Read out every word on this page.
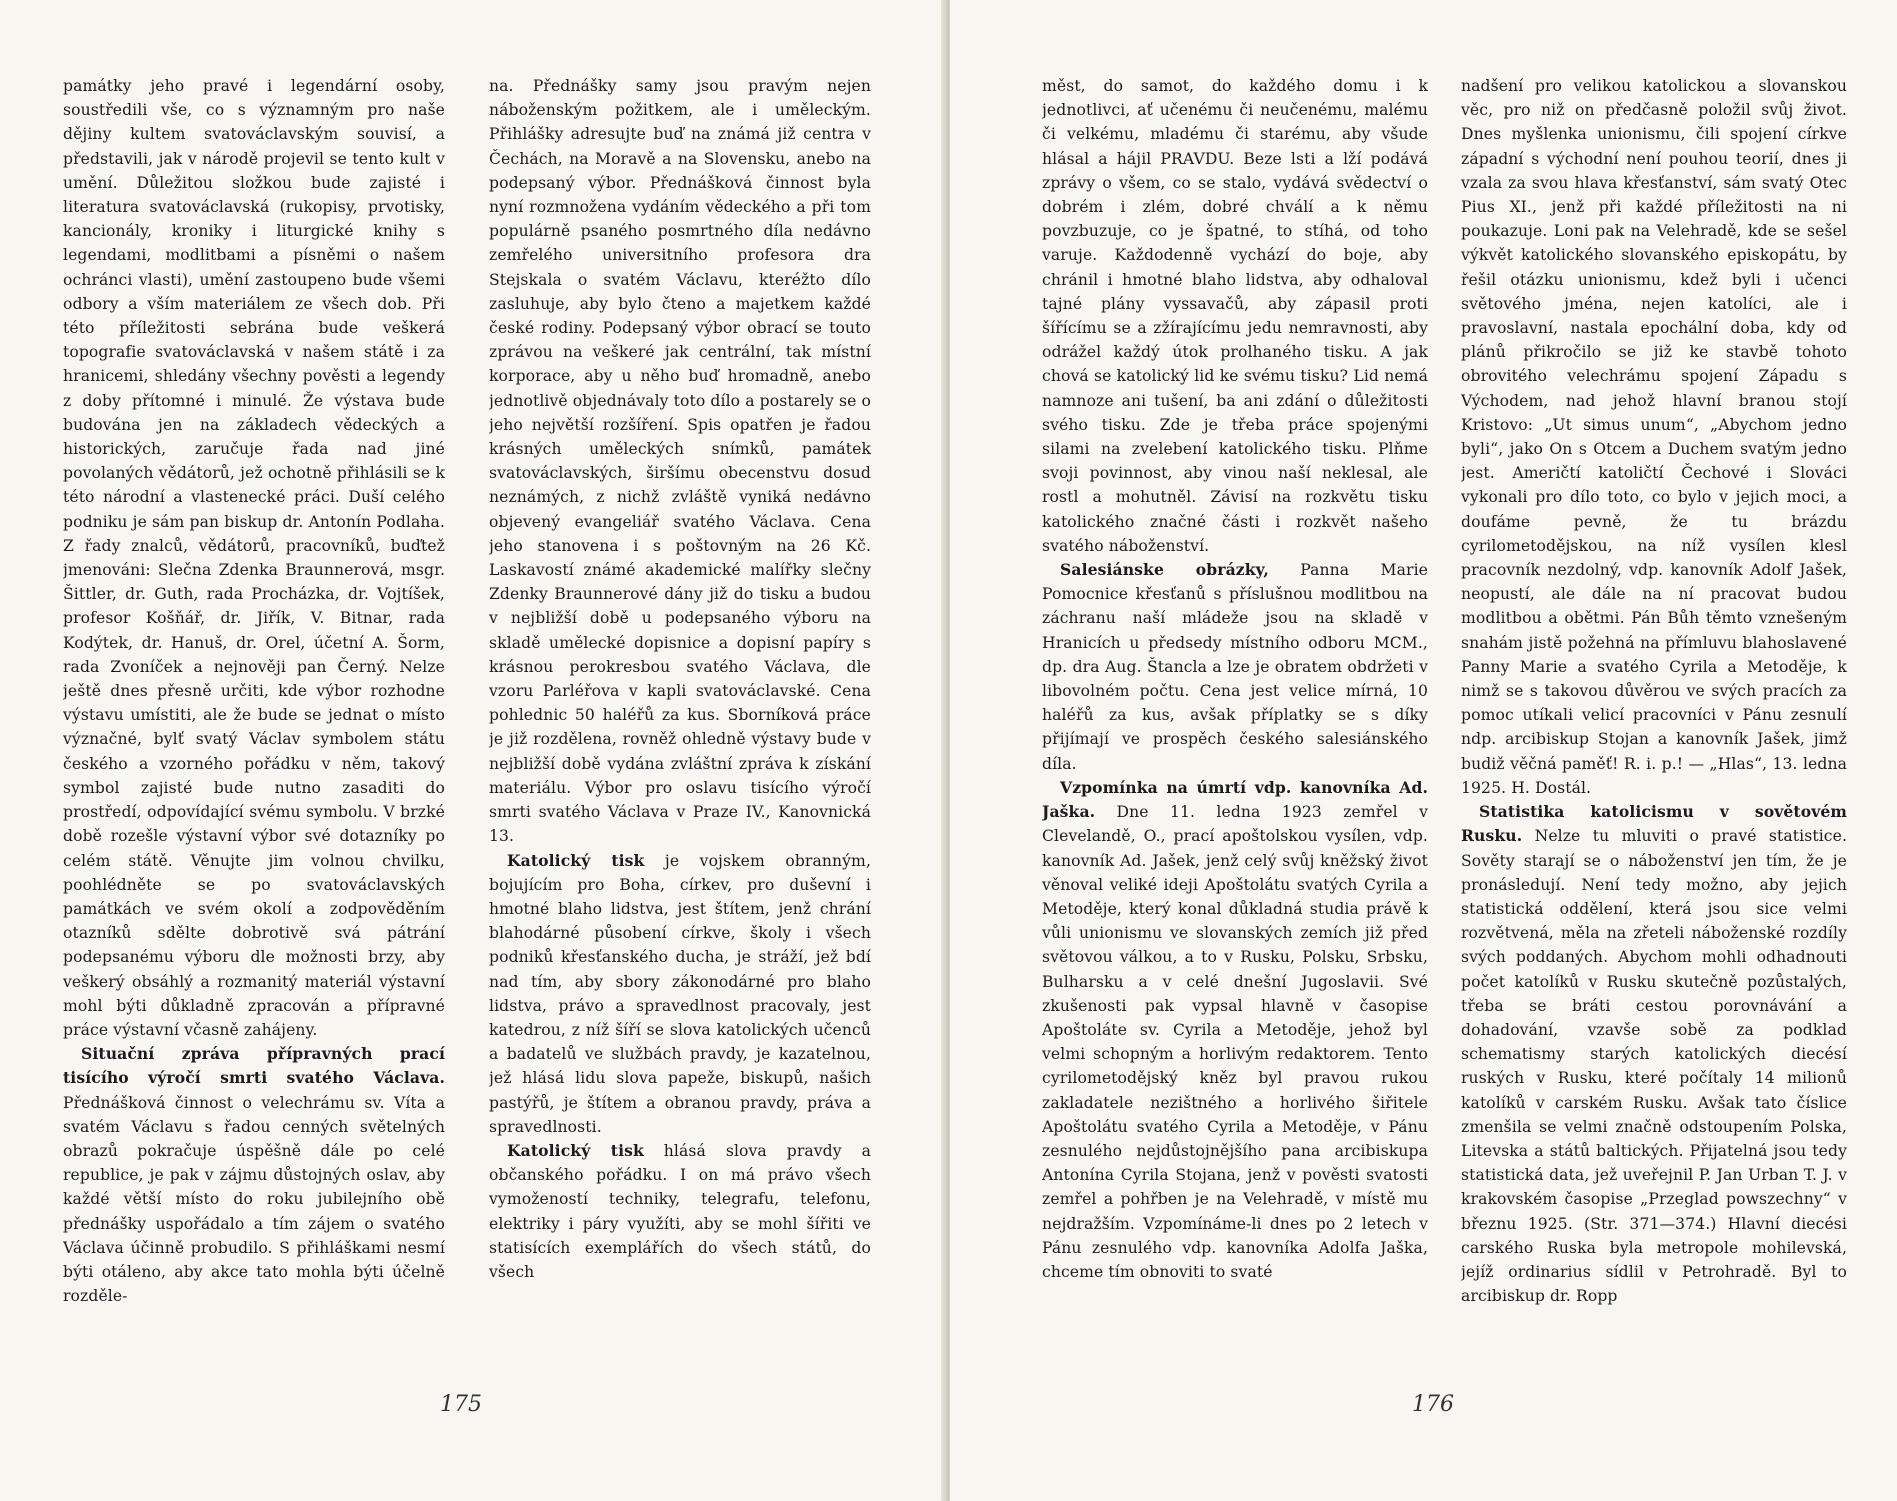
památky jeho pravé i legendární osoby, soustředili vše, co s významným pro naše dějiny kultem svatováclavským souvisí, a představili, jak v národě projevil se tento kult v umění. Důležitou složkou bude zajisté i literatura svatováclavská (rukopisy, prvotisky, kancionály, kroniky i liturgické knihy s legendami, modlitbami a písněmi o našem ochránci vlasti), umění zastoupeno bude všemi odbory a vším materiálem ze všech dob. Při této příležitosti sebrána bude veškerá topografie svatováclavská v našem státě i za hranicemi, shledány všechny pověsti a legendy z doby přítomné i minulé. Že výstava bude budována jen na základech vědeckých a historických, zaručuje řada nad jiné povolaných vědátorů, jež ochotně přihlásili se k této národní a vlastenecké práci. Duší celého podniku je sám pan biskup dr. Antonín Podlaha. Z řady znalců, vědátorů, pracovníků, buďtež jmenováni: Slečna Zdenka Braunnerová, msgr. Šittler, dr. Guth, rada Procházka, dr. Vojtíšek, profesor Košňář, dr. Jiřík, V. Bitnar, rada Kodýtek, dr. Hanuš, dr. Orel, účetní A. Šorm, rada Zvoníček a nejnověji pan Černý. Nelze ještě dnes přesně určiti, kde výbor rozhodne výstavu umístiti, ale že bude se jednat o místo význačné, bylť svatý Václav symbolem státu českého a vzorného pořádku v něm, takový symbol zajisté bude nutno zasaditi do prostředí, odpovídající svému symbolu. V brzké době rozešle výstavní výbor své dotazníky po celém státě. Věnujte jim volnou chvilku, poohlédněte se po svatováclavských památkách ve svém okolí a zodpověděním otazníků sdělte dobrotivě svá pátrání podepsanému výboru dle možnosti brzy, aby veškerý obsáhlý a rozmanitý materiál výstavní mohl býti důkladně zpracován a přípravné práce výstavní včasně zahájeny.

Situační zpráva přípravných prací tisícího výročí smrti svatého Václava. Přednášková činnost o velechrámu sv. Víta a svatém Václavu s řadou cenných světelných obrazů pokračuje úspěšně dále po celé republice, je pak v zájmu důstojných oslav, aby každé větší místo do roku jubilejního obě přednášky uspořádalo a tím zájem o svatého Václava účinně probudilo. S přihláškami nesmí býti otáleno, aby akce tato mohla býti účelně rozděle-

na. Přednášky samy jsou pravým nejen náboženským požitkem, ale i uměleckým. Přihlášky adresujte buď na známá již centra v Čechách, na Moravě a na Slovensku, anebo na podepsaný výbor. Přednášková činnost byla nyní rozmnožena vydáním vědeckého a při tom populárně psaného posmrtného díla nedávno zemřelého universitního profesora dra Stejskala o svatém Václavu, kteréžto dílo zasluhuje, aby bylo čteno a majetkem každé české rodiny. Podepsaný výbor obrací se touto zprávou na veškeré jak centrální, tak místní korporace, aby u něho buď hromadně, anebo jednotlivě objednávaly toto dílo a postarely se o jeho největší rozšíření. Spis opatřen je řadou krásných uměleckých snímků, památek svatováclavských, širšímu obecenstvu dosud neznámých, z nichž zvláště vyniká nedávno objevený evangeliář svatého Václava. Cena jeho stanovena i s poštovným na 26 Kč. Laskavostí známé akademické malířky slečny Zdenky Braunnerové dány již do tisku a budou v nejbližší době u podepsaného výboru na skladě umělecké dopisnice a dopisní papíry s krásnou perokresbou svatého Václava, dle vzoru Parléřova v kapli svatováclavské. Cena pohlednic 50 haléřů za kus. Sborníková práce je již rozdělena, rovněž ohledně výstavy bude v nejbližší době vydána zvláštní zpráva k získání materiálu. Výbor pro oslavu tisícího výročí smrti svatého Václava v Praze IV., Kanovnická 13.

Katolický tisk je vojskem obranným, bojujícím pro Boha, církev, pro duševní i hmotné blaho lidstva, jest štítem, jenž chrání blahodárné působení církve, školy i všech podniků křesťanského ducha, je stráží, jež bdí nad tím, aby sbory zákonodárné pro blaho lidstva, právo a spravedlnost pracovaly, jest katedrou, z níž šíří se slova katolických učenců a badatelů ve službách pravdy, je kazatelnou, jež hlásá lidu slova papeže, biskupů, našich pastýřů, je štítem a obranou pravdy, práva a spravedlnosti.

Katolický tisk hlásá slova pravdy a občanského pořádku. I on má právo všech vymožeností techniky, telegrafu, telefonu, elektriky i páry využíti, aby se mohl šířiti ve statisících exemplářích do všech států, do všech

175

měst, do samot, do každého domu i k jednotlivci, ať učenému či neučenému, malému či velkému, mladému či starému, aby všude hlásal a hájil PRAVDU. Beze lsti a lží podává zprávy o všem, co se stalo, vydává svědectví o dobrém i zlém, dobré chválí a k němu povzbuzuje, co je špatné, to stíhá, od toho varuje. Každodenně vychází do boje, aby chránil i hmotné blaho lidstva, aby odhaloval tajné plány vyssavačů, aby zápasil proti šířícímu se a zžírajícímu jedu nemravnosti, aby odrážel každý útok prolhaného tisku. A jak chová se katolický lid ke svému tisku? Lid nemá namnoze ani tušení, ba ani zdání o důležitosti svého tisku. Zde je třeba práce spojenými silami na zvelebení katolického tisku. Plňme svoji povinnost, aby vinou naší neklesal, ale rostl a mohutněl. Závisí na rozkvětu tisku katolického značné části i rozkvět našeho svatého náboženství.

Salesiánske obrázky, Panna Marie Pomocnice křesťanů s příslušnou modlitbou na záchranu naší mládeže jsou na skladě v Hranicích u předsedy místního odboru MCM., dp. dra Aug. Štancla a lze je obratem obdržeti v libovolném počtu. Cena jest velice mírná, 10 haléřů za kus, avšak příplatky se s díky přijímají ve prospěch českého salesiánského díla.

Vzpomínka na úmrtí vdp. kanovníka Ad. Jaška. Dne 11. ledna 1923 zemřel v Clevelandě, O., prací apoštolskou vysílen, vdp. kanovník Ad. Jašek, jenž celý svůj kněžský život věnoval veliké ideji Apoštolátu svatých Cyrila a Metoděje, který konal důkladná studia právě k vůli unionismu ve slovanských zemích již před světovou válkou, a to v Rusku, Polsku, Srbsku, Bulharsku a v celé dnešní Jugoslavii. Své zkušenosti pak vypsal hlavně v časopise Apoštoláte sv. Cyrila a Metoděje, jehož byl velmi schopným a horlivým redaktorem. Tento cyrilometodějský kněz byl pravou rukou zakladatele nezištného a horlivého šiřitele Apoštolátu svatého Cyrila a Metoděje, v Pánu zesnulého nejdůstojnějšího pana arcibiskupa Antonína Cyrila Stojana, jenž v pověsti svatosti zemřel a pohřben je na Velehradě, v místě mu nejdražším. Vzpomínáme-li dnes po 2 letech v Pánu zesnulého vdp. kanovníka Adolfa Jaška, chceme tím obnoviti to svaté

nadšení pro velikou katolickou a slovanskou věc, pro niž on předčasně položil svůj život. Dnes myšlenka unionismu, čili spojení církve západní s východní není pouhou teorií, dnes ji vzala za svou hlava křesťanství, sám svatý Otec Pius XI., jenž při každé příležitosti na ni poukazuje. Loni pak na Velehradě, kde se sešel výkvět katolického slovanského episkopátu, by řešil otázku unionismu, kdež byli i učenci světového jména, nejen katolíci, ale i pravoslavní, nastala epochální doba, kdy od plánů přikročilo se již ke stavbě tohoto obrovitého velechrámu spojení Západu s Východem, nad jehož hlavní branou stojí Kristovo: „Ut simus unum“, „Abychom jedno byli“, jako On s Otcem a Duchem svatým jedno jest. Američtí katoličtí Čechové i Slováci vykonali pro dílo toto, co bylo v jejich moci, a doufáme pevně, že tu brázdu cyrilometodějskou, na níž vysílen klesl pracovník nezdolný, vdp. kanovník Adolf Jašek, neopustí, ale dále na ní pracovat budou modlitbou a obětmi. Pán Bůh těmto vznešeným snahám jistě požehná na přímluvu blahoslavené Panny Marie a svatého Cyrila a Metoděje, k nimž se s takovou důvěrou ve svých pracích za pomoc utíkali velicí pracovníci v Pánu zesnulí ndp. arcibiskup Stojan a kanovník Jašek, jimž budiž věčná paměť! R. i. p.! — „Hlas“, 13. ledna 1925. H. Dostál.

Statistika katolicismu v sovětovém Rusku. Nelze tu mluviti o pravé statistice. Sověty starají se o náboženství jen tím, že je pronásledují. Není tedy možno, aby jejich statistická oddělení, která jsou sice velmi rozvětvená, měla na zřeteli náboženské rozdíly svých poddaných. Abychom mohli odhadnouti počet katolíků v Rusku skutečně pozůstalých, třeba se bráti cestou porovnávání a dohadování, vzavše sobě za podklad schematismy starých katolických diecésí ruských v Rusku, které počítaly 14 milionů katolíků v carském Rusku. Avšak tato číslice zmenšila se velmi značně odstoupením Polska, Litevska a států baltických. Přijatelná jsou tedy statistická data, jež uveřejnil P. Jan Urban T. J. v krakovském časopise „Przeglad powszechny“ v březnu 1925. (Str. 371—374.) Hlavní diecési carského Ruska byla metropole mohilevská, jejíž ordinarius sídlil v Petrohradě. Byl to arcibiskup dr. Ropp

176
